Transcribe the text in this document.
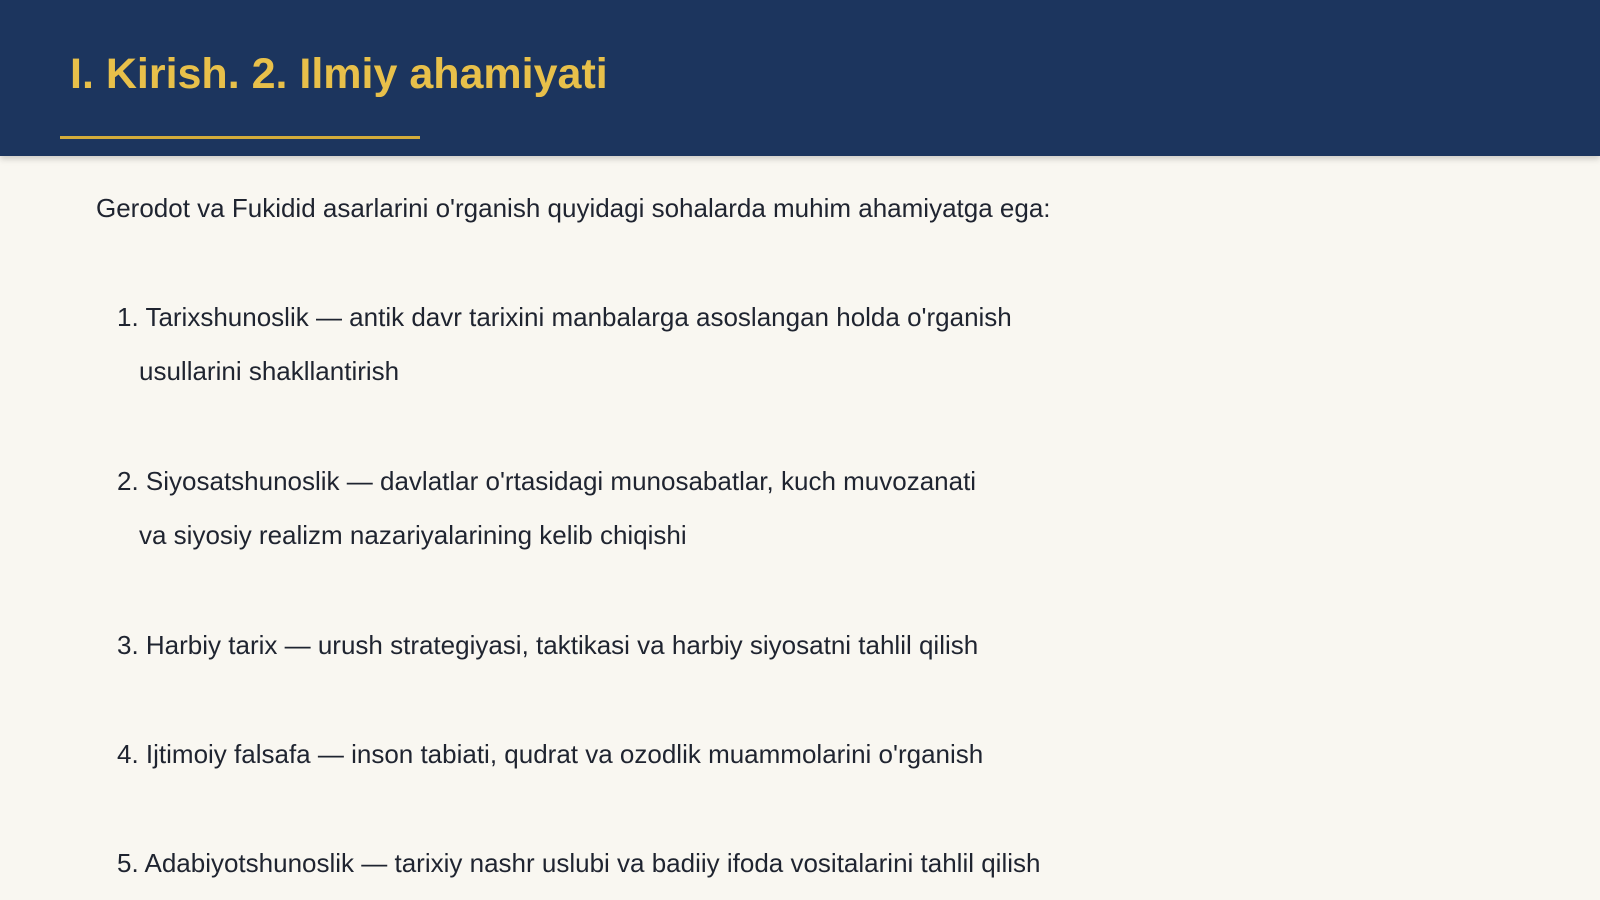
I. Kirish. 2. Ilmiy ahamiyati

Gerodot va Fukidid asarlarini o'rganish quyidagi sohalarda muhim ahamiyatga ega:

1. Tarixshunoslik — antik davr tarixini manbalarga asoslangan holda o'rganish
usullarini shakllantirish
2. Siyosatshunoslik — davlatlar o'rtasidagi munosabatlar, kuch muvozanati
va siyosiy realizm nazariyalarining kelib chiqishi
3. Harbiy tarix — urush strategiyasi, taktikasi va harbiy siyosatni tahlil qilish
4. Ijtimoiy falsafa — inson tabiati, qudrat va ozodlik muammolarini o'rganish
5. Adabiyotshunoslik — tarixiy nashr uslubi va badiiy ifoda vositalarini tahlil qilish
